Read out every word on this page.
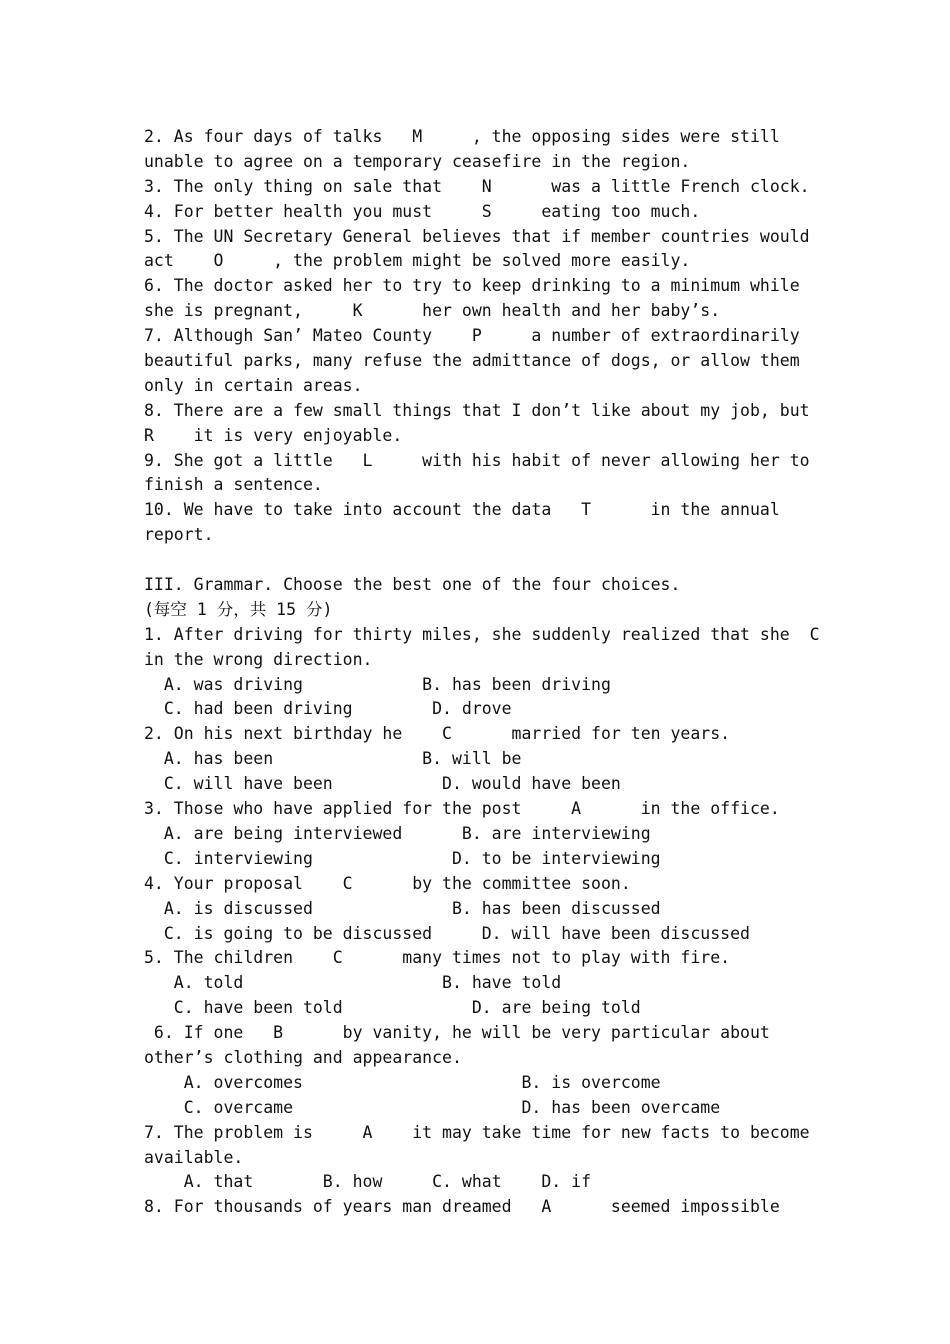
2. As four days of talks   M     , the opposing sides were still
unable to agree on a temporary ceasefire in the region.
3. The only thing on sale that    N      was a little French clock.
4. For better health you must     S     eating too much.
5. The UN Secretary General believes that if member countries would
act    O     , the problem might be solved more easily.
6. The doctor asked her to try to keep drinking to a minimum while
she is pregnant,     K      her own health and her baby’s.
7. Although San’ Mateo County    P     a number of extraordinarily
beautiful parks, many refuse the admittance of dogs, or allow them
only in certain areas.
8. There are a few small things that I don’t like about my job, but
R    it is very enjoyable.
9. She got a little   L     with his habit of never allowing her to
finish a sentence.
10. We have to take into account the data   T      in the annual
report.
III. Grammar. Choose the best one of the four choices.
(每空 1 分，共 15 分)
1. After driving for thirty miles, she suddenly realized that she  C
in the wrong direction.
A. was driving            B. has been driving
C. had been driving        D. drove
2. On his next birthday he    C      married for ten years.
A. has been               B. will be
C. will have been           D. would have been
3. Those who have applied for the post     A      in the office.
A. are being interviewed      B. are interviewing
C. interviewing              D. to be interviewing
4. Your proposal    C      by the committee soon.
A. is discussed              B. has been discussed
C. is going to be discussed     D. will have been discussed
5. The children    C      many times not to play with fire.
A. told                    B. have told
C. have been told             D. are being told
6. If one   B      by vanity, he will be very particular about
other’s clothing and appearance.
A. overcomes                      B. is overcome
C. overcame                       D. has been overcame
7. The problem is     A    it may take time for new facts to become
available.
A. that       B. how     C. what    D. if
8. For thousands of years man dreamed   A      seemed impossible
